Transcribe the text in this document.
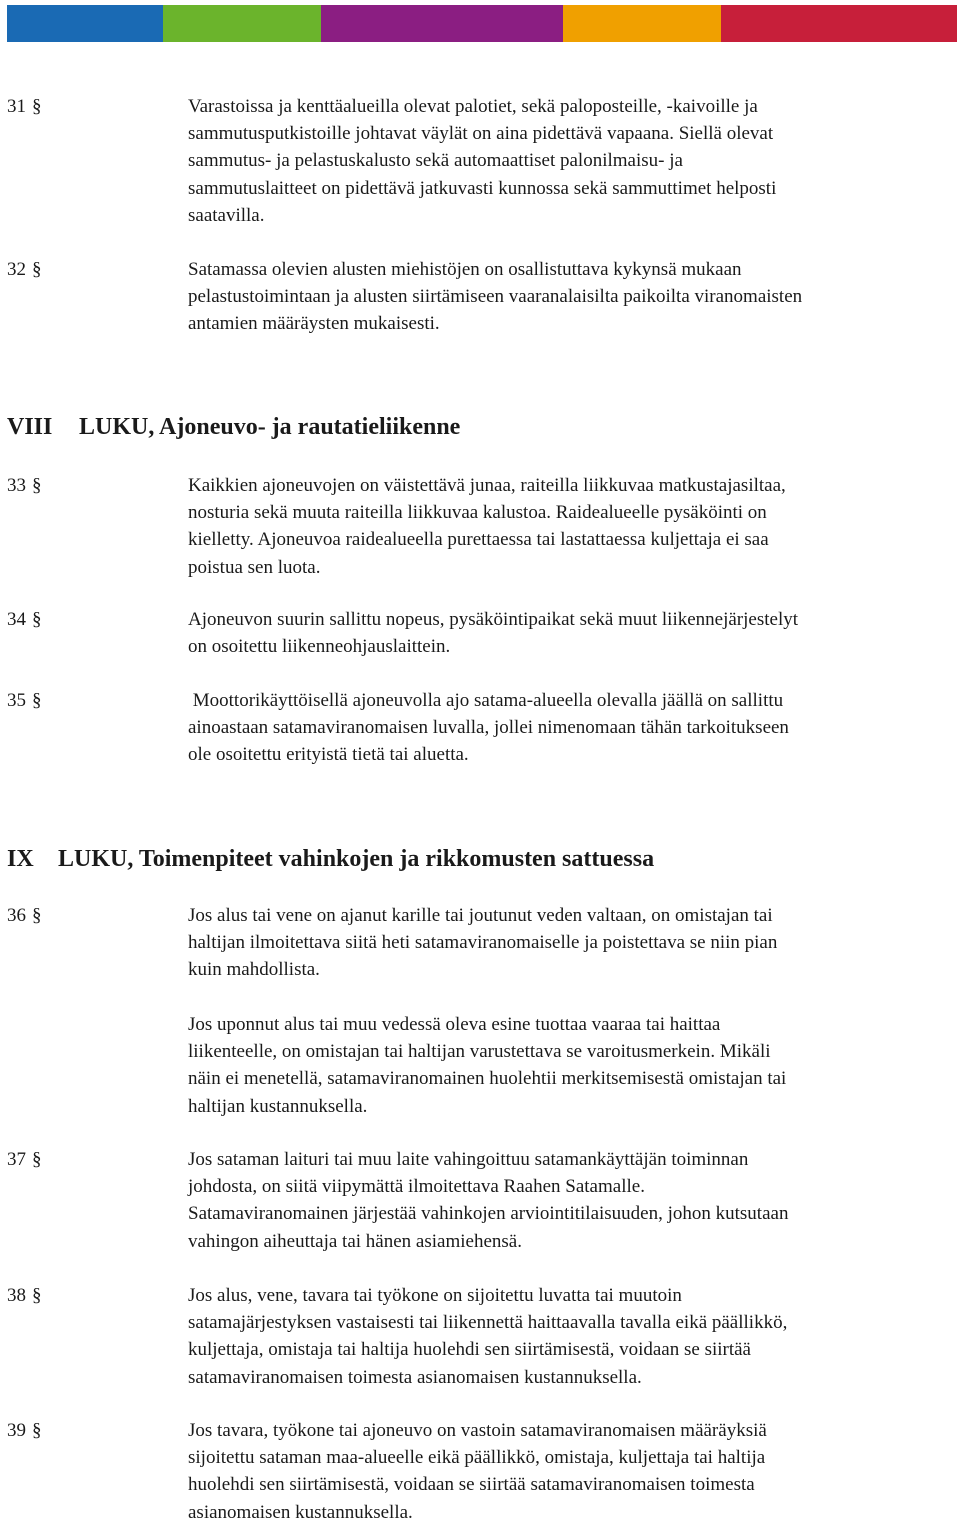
31 §	Varastoissa ja kenttäalueilla olevat palotiet, sekä paloposteille, -kaivoille ja
sammutusputkistoille johtavat väylät on aina pidettävä vapaana. Siellä olevat
sammutus- ja pelastuskalusto sekä automaattiset palonilmaisu- ja
sammutuslaitteet on pidettävä jatkuvasti kunnossa sekä sammuttimet helposti
saatavilla.
32 §	Satamassa olevien alusten miehistöjen on osallistuttava kykynsä mukaan
pelastustoimintaan ja alusten siirtämiseen vaaranalaisilta paikoilta viranomaisten
antamien määräysten mukaisesti.
VIII LUKU, Ajoneuvo- ja rautatieliikenne
33 §	Kaikkien ajoneuvojen on väistettävä junaa, raiteilla liikkuvaa matkustajasiltaa,
nosturia sekä muuta raiteilla liikkuvaa kalustoa. Raidealueelle pysäköinti on
kielletty. Ajoneuvoa raidealueella purettaessa tai lastattaessa kuljettaja ei saa
poistua sen luota.
34 §	Ajoneuvon suurin sallittu nopeus, pysäköintipaikat sekä muut liikennejärjestelyt
on osoitettu liikenneohjauslaittein.
35 §	Moottorikäyttöisellä ajoneuvolla ajo satama-alueella olevalla jäällä on sallittu
ainoastaan satamaviranomaisen luvalla, jollei nimenomaan tähän tarkoitukseen
ole osoitettu erityistä tietä tai aluetta.
IX LUKU, Toimenpiteet vahinkojen ja rikkomusten sattuessa
36 §	Jos alus tai vene on ajanut karille tai joutunut veden valtaan, on omistajan tai
haltijan ilmoitettava siitä heti satamaviranomaiselle ja poistettava se niin pian
kuin mahdollista.
Jos uponnut alus tai muu vedessä oleva esine tuottaa vaaraa tai haittaa
liikenteelle, on omistajan tai haltijan varustettava se varoitusmerkein. Mikäli
näin ei menetellä, satamaviranomainen huolehtii merkitsemisestä omistajan tai
haltijan kustannuksella.
37 §	Jos sataman laituri tai muu laite vahingoittuu satamankäyttäjän toiminnan
johdosta, on siitä viipymättä ilmoitettava Raahen Satamalle.
Satamaviranomainen järjestää vahinkojen arviointitilaisuuden, johon kutsutaan
vahingon aiheuttaja tai hänen asiamiehensä.
38 §	Jos alus, vene, tavara tai työkone on sijoitettu luvatta tai muutoin
satamajärjestyksen vastaisesti tai liikennettä haittaavalla tavalla eikä päällikkö,
kuljettaja, omistaja tai haltija huolehdi sen siirtämisestä, voidaan se siirtää
satamaviranomaisen toimesta asianomaisen kustannuksella.
39 §	Jos tavara, työkone tai ajoneuvo on vastoin satamaviranomaisen määräyksiä
sijoitettu sataman maa-alueelle eikä päällikkö, omistaja, kuljettaja tai haltija
huolehdi sen siirtämisestä, voidaan se siirtää satamaviranomaisen toimesta
asianomaisen kustannuksella.
